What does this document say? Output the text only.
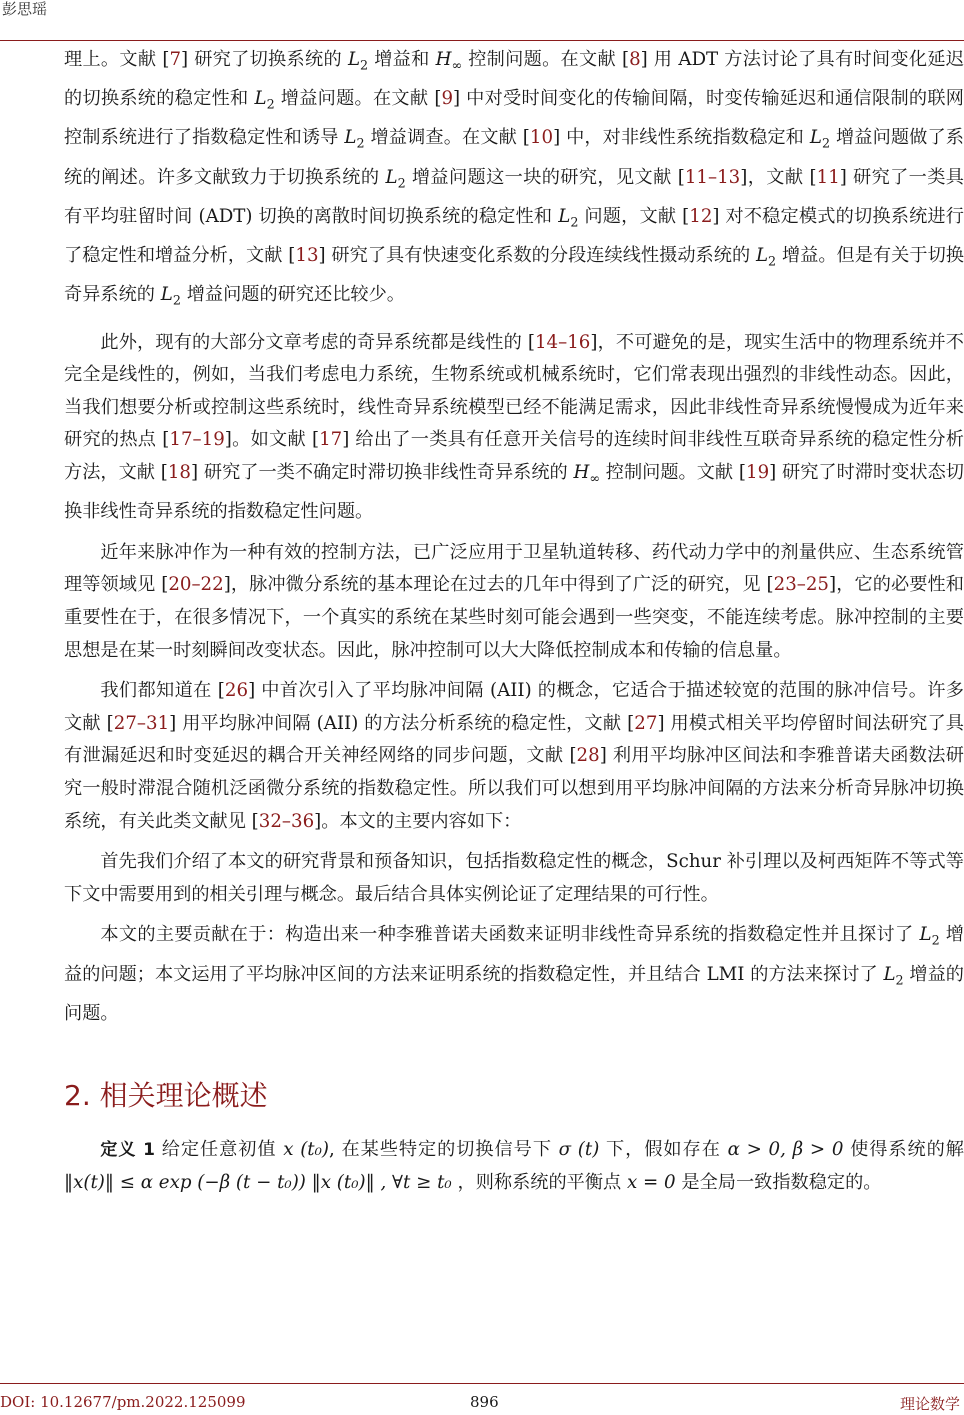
彭思瑶

理上。文献 [7] 研究了切换系统的 $L_2$ 增益和 $H_\infty$ 控制问题。在文献 [8] 用 ADT 方法讨论了具有时间变化延迟的切换系统的稳定性和 $L_2$ 增益问题。在文献 [9] 中对受时间变化的传输间隔，时变传输延迟和通信限制的联网控制系统进行了指数稳定性和诱导 $L_2$ 增益调查。在文献 [10] 中，对非线性系统指数稳定和 $L_2$ 增益问题做了系统的阐述。许多文献致力于切换系统的 $L_2$ 增益问题这一块的研究，见文献 [11–13]，文献 [11] 研究了一类具有平均驻留时间 (ADT) 切换的离散时间切换系统的稳定性和 $L_2$ 问题，文献 [12] 对不稳定模式的切换系统进行了稳定性和增益分析，文献 [13] 研究了具有快速变化系数的分段连续线性摄动系统的 $L_2$ 增益。但是有关于切换奇异系统的 $L_2$ 增益问题的研究还比较少。

此外，现有的大部分文章考虑的奇异系统都是线性的 [14–16]，不可避免的是，现实生活中的物理系统并不完全是线性的，例如，当我们考虑电力系统，生物系统或机械系统时，它们常表现出强烈的非线性动态。因此，当我们想要分析或控制这些系统时，线性奇异系统模型已经不能满足需求，因此非线性奇异系统慢慢成为近年来研究的热点 [17–19]。如文献 [17] 给出了一类具有任意开关信号的连续时间非线性互联奇异系统的稳定性分析方法，文献 [18] 研究了一类不确定时滞切换非线性奇异系统的 $H_\infty$ 控制问题。文献 [19] 研究了时滞时变状态切换非线性奇异系统的指数稳定性问题。

近年来脉冲作为一种有效的控制方法，已广泛应用于卫星轨道转移、药代动力学中的剂量供应、生态系统管理等领域见 [20–22]，脉冲微分系统的基本理论在过去的几年中得到了广泛的研究，见 [23–25]，它的必要性和重要性在于，在很多情况下，一个真实的系统在某些时刻可能会遇到一些突变，不能连续考虑。脉冲控制的主要思想是在某一时刻瞬间改变状态。因此，脉冲控制可以大大降低控制成本和传输的信息量。

我们都知道在 [26] 中首次引入了平均脉冲间隔 (AII) 的概念，它适合于描述较宽的范围的脉冲信号。许多文献 [27–31] 用平均脉冲间隔 (AII) 的方法分析系统的稳定性，文献 [27] 用模式相关平均停留时间法研究了具有泄漏延迟和时变延迟的耦合开关神经网络的同步问题，文献 [28] 利用平均脉冲区间法和李雅普诺夫函数法研究一般时滞混合随机泛函微分系统的指数稳定性。所以我们可以想到用平均脉冲间隔的方法来分析奇异脉冲切换系统，有关此类文献见 [32–36]。本文的主要内容如下：

首先我们介绍了本文的研究背景和预备知识，包括指数稳定性的概念，Schur 补引理以及柯西矩阵不等式等下文中需要用到的相关引理与概念。最后结合具体实例论证了定理结果的可行性。

本文的主要贡献在于：构造出来一种李雅普诺夫函数来证明非线性奇异系统的指数稳定性并且探讨了 $L_2$ 增益的问题；本文运用了平均脉冲区间的方法来证明系统的指数稳定性，并且结合 LMI 的方法来探讨了 $L_2$ 增益的问题。

2. 相关理论概述

定义 1 给定任意初值 x (t₀), 在某些特定的切换信号下 σ (t) 下，假如存在 α > 0, β > 0 使得系统的解 ‖x(t)‖ ≤ α exp (−β (t − t₀)) ‖x (t₀)‖ , ∀t ≥ t₀ ，则称系统的平衡点 x = 0 是全局一致指数稳定的。

DOI: 10.12677/pm.2022.125099	896	理论数学
